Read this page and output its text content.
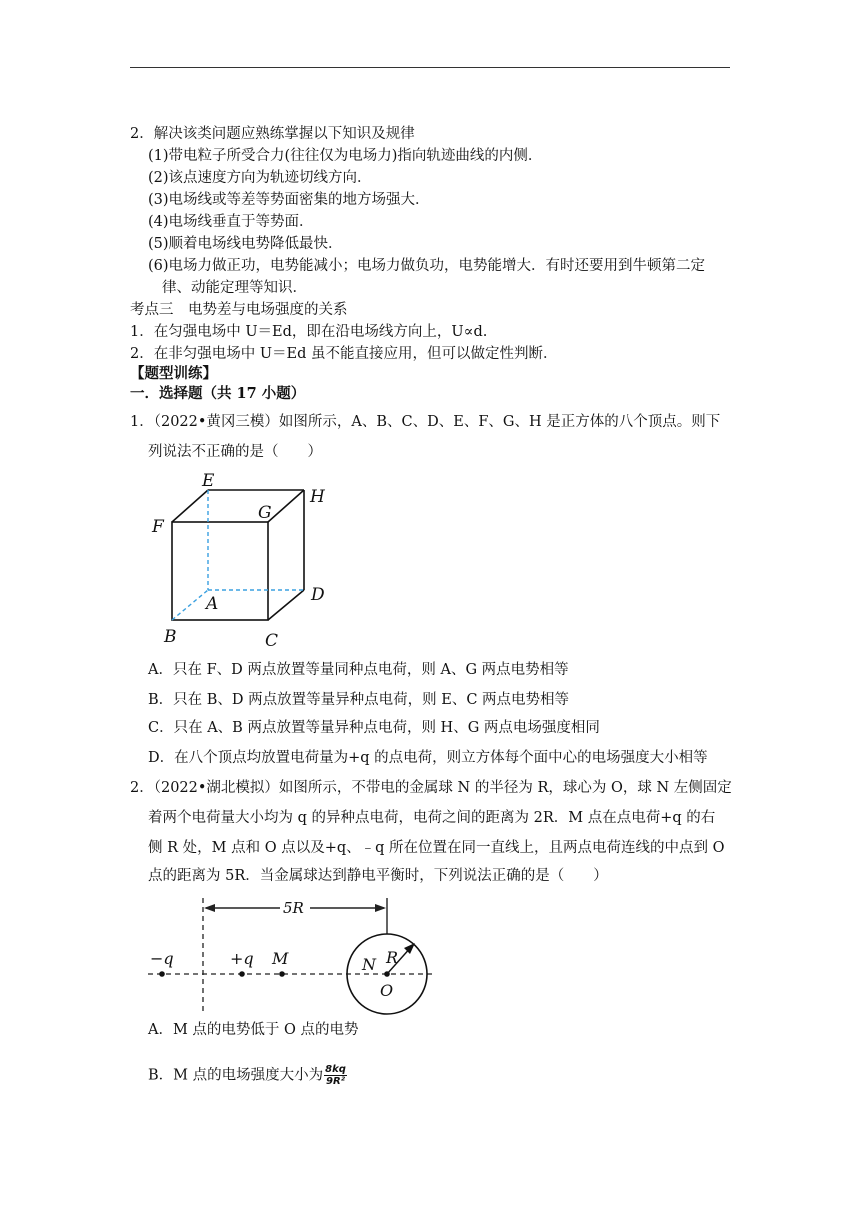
2．解决该类问题应熟练掌握以下知识及规律
(1)带电粒子所受合力(往往仅为电场力)指向轨迹曲线的内侧．
(2)该点速度方向为轨迹切线方向．
(3)电场线或等差等势面密集的地方场强大．
(4)电场线垂直于等势面．
(5)顺着电场线电势降低最快．
(6)电场力做正功，电势能减小；电场力做负功，电势能增大．有时还要用到牛顿第二定
律、动能定理等知识．
考点三　电势差与电场强度的关系
1．在匀强电场中 U＝Ed，即在沿电场线方向上，U∝d.
2．在非匀强电场中 U＝Ed 虽不能直接应用，但可以做定性判断．
【题型训练】
一．选择题（共 17 小题）
1．（2022•黄冈三模）如图所示，A、B、C、D、E、F、G、H 是正方体的八个顶点。则下
列说法不正确的是（　　）
E
H
F
G
A	D
B	C
A．只在 F、D 两点放置等量同种点电荷，则 A、G 两点电势相等
B．只在 B、D 两点放置等量异种点电荷，则 E、C 两点电势相等
C．只在 A、B 两点放置等量异种点电荷，则 H、G 两点电场强度相同
D．在八个顶点均放置电荷量为+q 的点电荷，则立方体每个面中心的电场强度大小相等
2．（2022•湖北模拟）如图所示，不带电的金属球 N 的半径为 R，球心为 O，球 N 左侧固定
着两个电荷量大小均为 q 的异种点电荷，电荷之间的距离为 2R．M 点在点电荷+q 的右
侧 R 处，M 点和 O 点以及+q、﹣q 所在位置在同一直线上，且两点电荷连线的中点到 O
点的距离为 5R．当金属球达到静电平衡时，下列说法正确的是（　　）
5R
−q	+q M	N R
O
A．M 点的电势低于 O 点的电势
B．M 点的电场强度大小为 $\frac{8kq}{\text{9R²}}$
